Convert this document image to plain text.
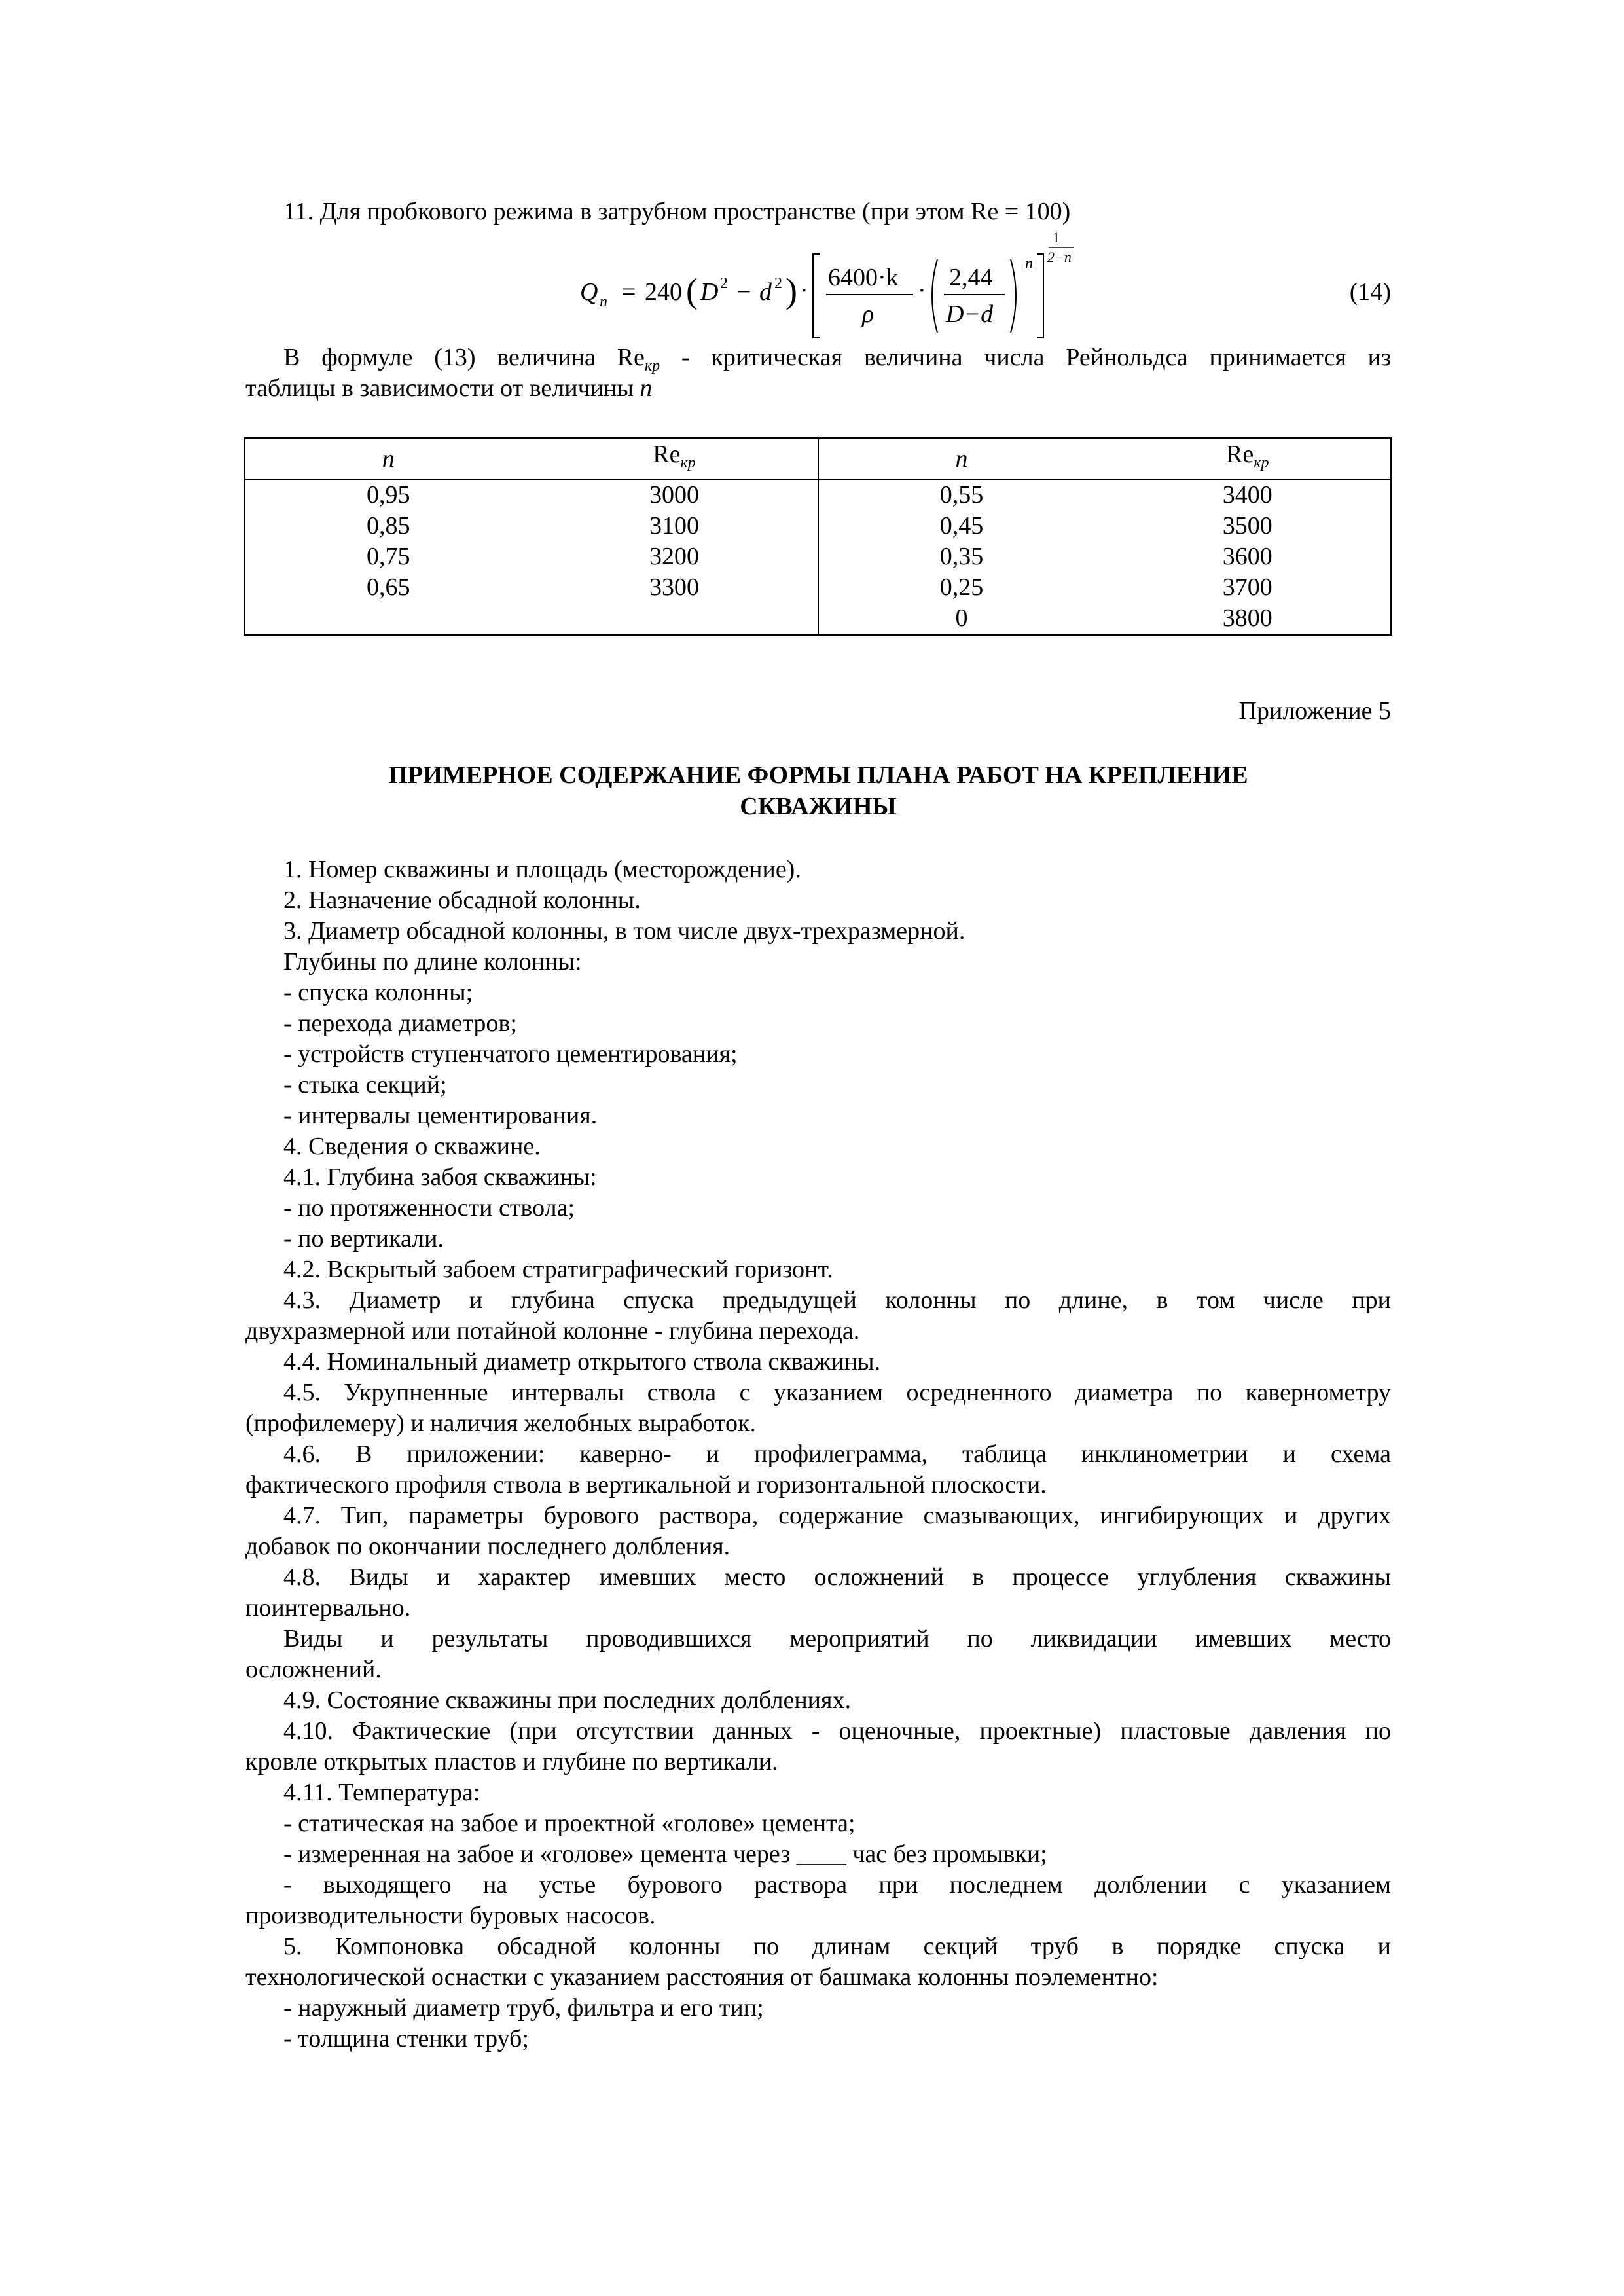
11. Для пробкового режима в затрубном пространстве (при этом Re = 100)
Q n = 240 ( D 2 − d 2 ) · 6400·k
ρ
· 2,44
D−d
n
1
2−n
(14)
В формуле (13) величина $Re_{кр}$ - критическая величина числа Рейнольдса принимается из
таблицы в зависимости от величины n
n	$Re_{кр}$	n	$Re_{кр}$
0,95	3000	0,55	3400
0,85	3100	0,45	3500
0,75	3200	0,35	3600
0,65	3300	0,25	3700
		0	3800
Приложение 5
ПРИМЕРНОЕ СОДЕРЖАНИЕ ФОРМЫ ПЛАНА РАБОТ НА КРЕПЛЕНИЕ
СКВАЖИНЫ
1. Номер скважины и площадь (месторождение).
2. Назначение обсадной колонны.
3. Диаметр обсадной колонны, в том числе двух-трехразмерной.
Глубины по длине колонны:
- спуска колонны;
- перехода диаметров;
- устройств ступенчатого цементирования;
- стыка секций;
- интервалы цементирования.
4. Сведения о скважине.
4.1. Глубина забоя скважины:
- по протяженности ствола;
- по вертикали.
4.2. Вскрытый забоем стратиграфический горизонт.
4.3. Диаметр и глубина спуска предыдущей колонны по длине, в том числе при
двухразмерной или потайной колонне - глубина перехода.
4.4. Номинальный диаметр открытого ствола скважины.
4.5. Укрупненные интервалы ствола с указанием осредненного диаметра по кавернометру
(профилемеру) и наличия желобных выработок.
4.6. В приложении: каверно- и профилеграмма, таблица инклинометрии и схема
фактического профиля ствола в вертикальной и горизонтальной плоскости.
4.7. Тип, параметры бурового раствора, содержание смазывающих, ингибирующих и других
добавок по окончании последнего долбления.
4.8. Виды и характер имевших место осложнений в процессе углубления скважины
поинтервально.
Виды и результаты проводившихся мероприятий по ликвидации имевших место
осложнений.
4.9. Состояние скважины при последних долблениях.
4.10. Фактические (при отсутствии данных - оценочные, проектные) пластовые давления по
кровле открытых пластов и глубине по вертикали.
4.11. Температура:
- статическая на забое и проектной «голове» цемента;
- измеренная на забое и «голове» цемента через ____ час без промывки;
- выходящего на устье бурового раствора при последнем долблении с указанием
производительности буровых насосов.
5. Компоновка обсадной колонны по длинам секций труб в порядке спуска и
технологической оснастки с указанием расстояния от башмака колонны поэлементно:
- наружный диаметр труб, фильтра и его тип;
- толщина стенки труб;
